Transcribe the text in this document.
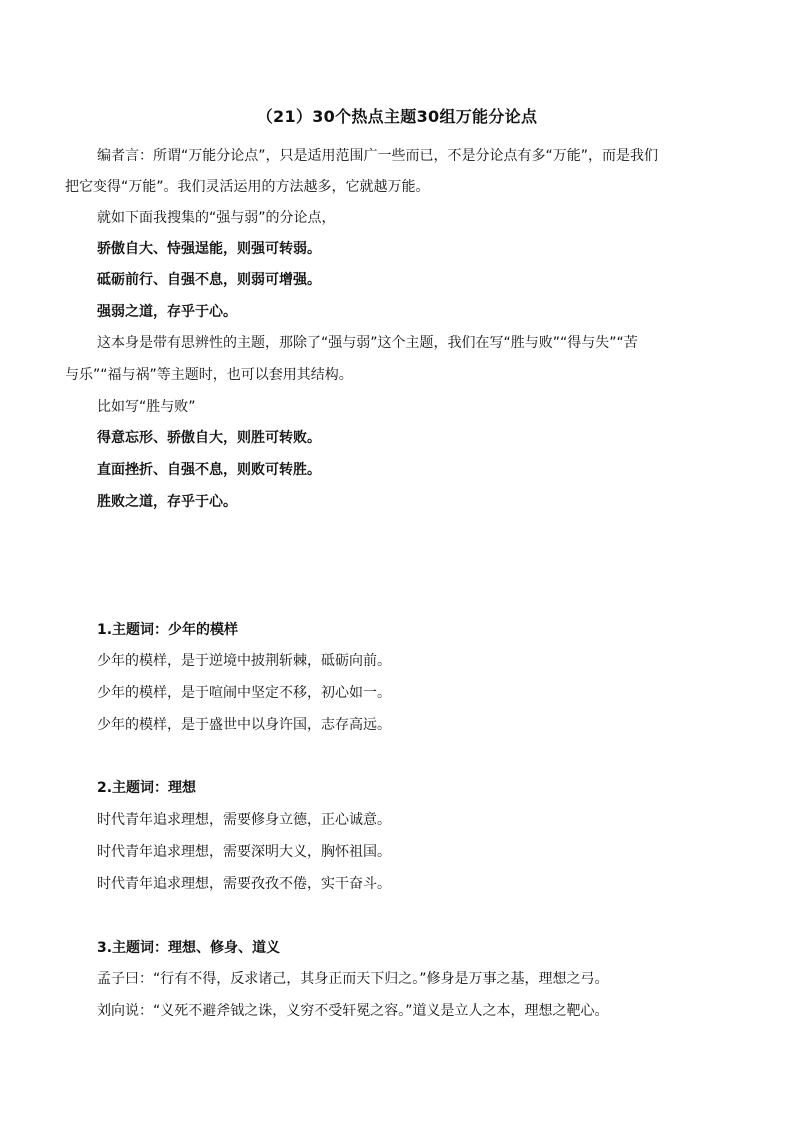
（21）30个热点主题30组万能分论点
编者言：所谓“万能分论点”，只是适用范围广一些而已，不是分论点有多“万能”，而是我们
把它变得“万能”。我们灵活运用的方法越多，它就越万能。
就如下面我搜集的“强与弱”的分论点，
骄傲自大、恃强逞能，则强可转弱。
砥砺前行、自强不息，则弱可增强。
强弱之道，存乎于心。
这本身是带有思辨性的主题，那除了“强与弱”这个主题，我们在写“胜与败”“得与失”“苦
与乐”“福与祸”等主题时，也可以套用其结构。
比如写“胜与败”
得意忘形、骄傲自大，则胜可转败。
直面挫折、自强不息，则败可转胜。
胜败之道，存乎于心。
1.主题词：少年的模样
少年的模样，是于逆境中披荆斩棘，砥砺向前。
少年的模样，是于喧闹中坚定不移，初心如一。
少年的模样，是于盛世中以身许国，志存高远。
2.主题词：理想
时代青年追求理想，需要修身立德，正心诚意。
时代青年追求理想，需要深明大义，胸怀祖国。
时代青年追求理想，需要孜孜不倦，实干奋斗。
3.主题词：理想、修身、道义
孟子曰：“行有不得，反求诸己，其身正而天下归之。”修身是万事之基，理想之弓。
刘向说：“义死不避斧钺之诛，义穷不受轩冕之容。”道义是立人之本，理想之靶心。
